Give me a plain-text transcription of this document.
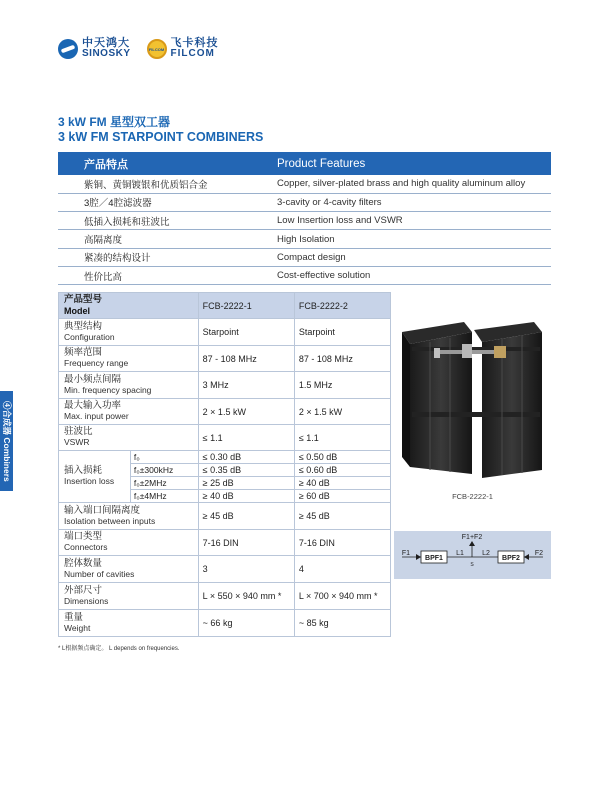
中天鸿大
SINOSKY	FILCOM 飞卡科技
FILCOM
3 kW FM 星型双工器
3 kW FM STARPOINT COMBINERS
产品特点	Product Features
紫铜、黄铜镀银和优质铝合金	Copper, silver-plated brass and high quality aluminum alloy
3腔／4腔滤波器	3-cavity or 4-cavity filters
低插入损耗和驻波比	Low Insertion loss and VSWR
高隔离度	High Isolation
紧凑的结构设计	Compact design
性价比高	Cost-effective solution
产品型号
Model		FCB-2222-1	FCB-2222-2

典型结构
Configuration		Starpoint	Starpoint

频率范围
Frequency range		87 - 108 MHz	87 - 108 MHz

最小频点间隔
Min. frequency spacing		3 MHz	1.5 MHz

最大输入功率
Max. input power		2 × 1.5 kW	2 × 1.5 kW

驻波比
VSWR		≤ 1.1	≤ 1.1

插入损耗
Insertion loss	f₀	≤ 0.30 dB	≤ 0.50 dB
	f₀±300kHz	≤ 0.35 dB	≤ 0.60 dB
	f₀±2MHz	≥ 25 dB	≥ 40 dB
	f₀±4MHz	≥ 40 dB	≥ 60 dB

输入端口间隔离度
Isolation between inputs		≥ 45 dB	≥ 45 dB

端口类型
Connectors		7-16 DIN	7-16 DIN

腔体数量
Number of cavities		3	4

外部尺寸
Dimensions		L × 550 × 940 mm *	L × 700 × 940 mm *

重量
Weight		~ 66 kg	~ 85 kg
④合成器 Combiners
FCB-2222-1
BPF1	BPF2
F1	F2
F1+F2
L1	L2
S
* L根据频点确定。 L depends on frequencies.
